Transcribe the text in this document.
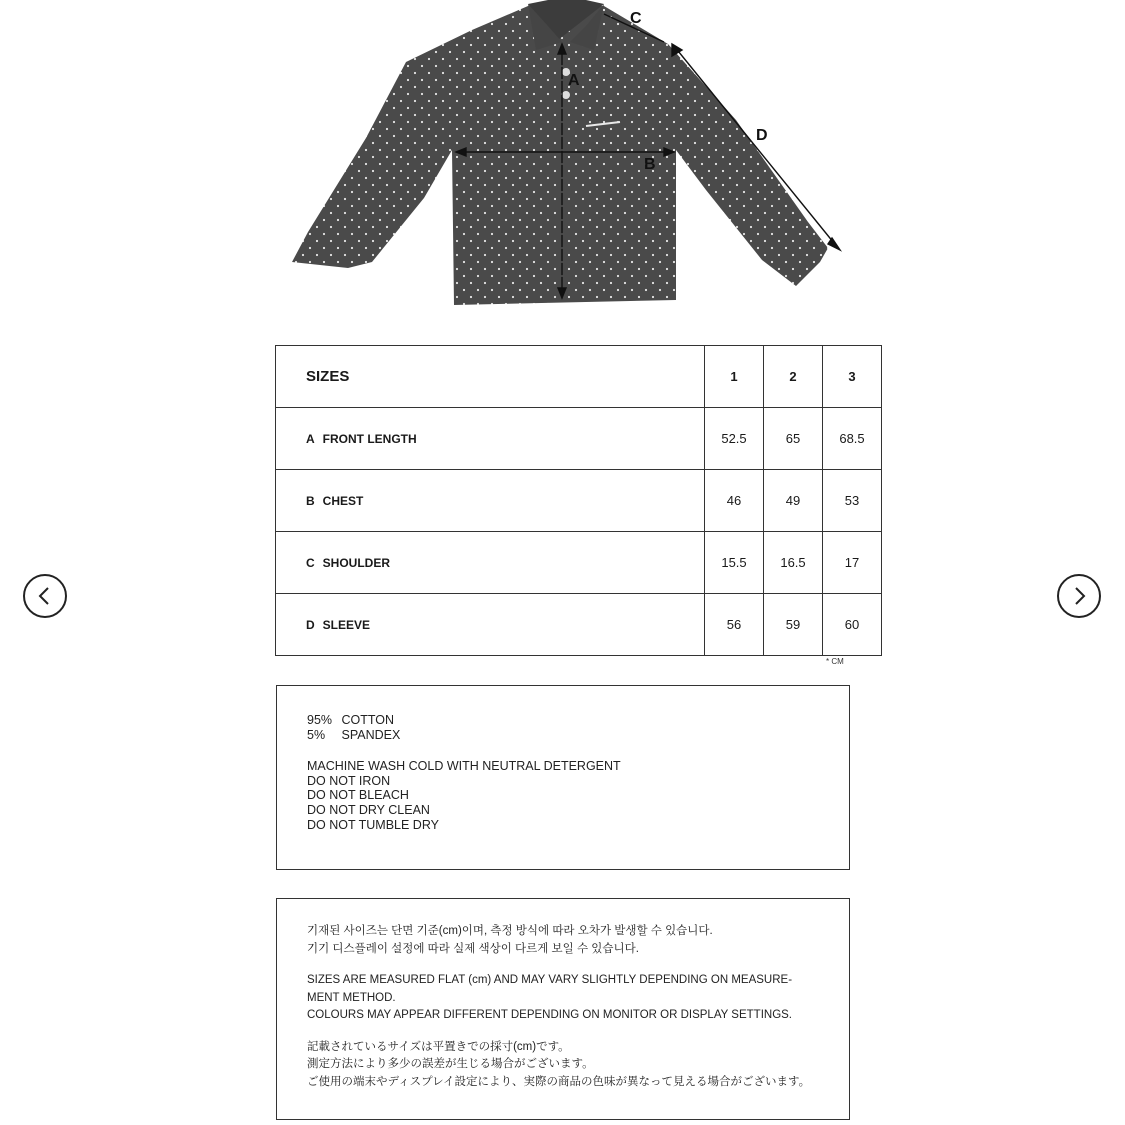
A
B
C
D
SIZES	1	2	3
A FRONT LENGTH	52.5	65	68.5
B CHEST	46	49	53
C SHOULDER	15.5	16.5	17
D SLEEVE	56	59	60
* CM
95% COTTON
5% SPANDEX
MACHINE WASH COLD WITH NEUTRAL DETERGENT
DO NOT IRON
DO NOT BLEACH
DO NOT DRY CLEAN
DO NOT TUMBLE DRY
기재된 사이즈는 단면 기준(cm)이며, 측정 방식에 따라 오차가 발생할 수 있습니다.
기기 디스플레이 설정에 따라 실제 색상이 다르게 보일 수 있습니다.
SIZES ARE MEASURED FLAT (cm) AND MAY VARY SLIGHTLY DEPENDING ON MEASURE-
MENT METHOD.
COLOURS MAY APPEAR DIFFERENT DEPENDING ON MONITOR OR DISPLAY SETTINGS.
記載されているサイズは平置きでの採寸(cm)です。
測定方法により多少の誤差が生じる場合がございます。
ご使用の端末やディスプレイ設定により、実際の商品の色味が異なって見える場合がございます。
